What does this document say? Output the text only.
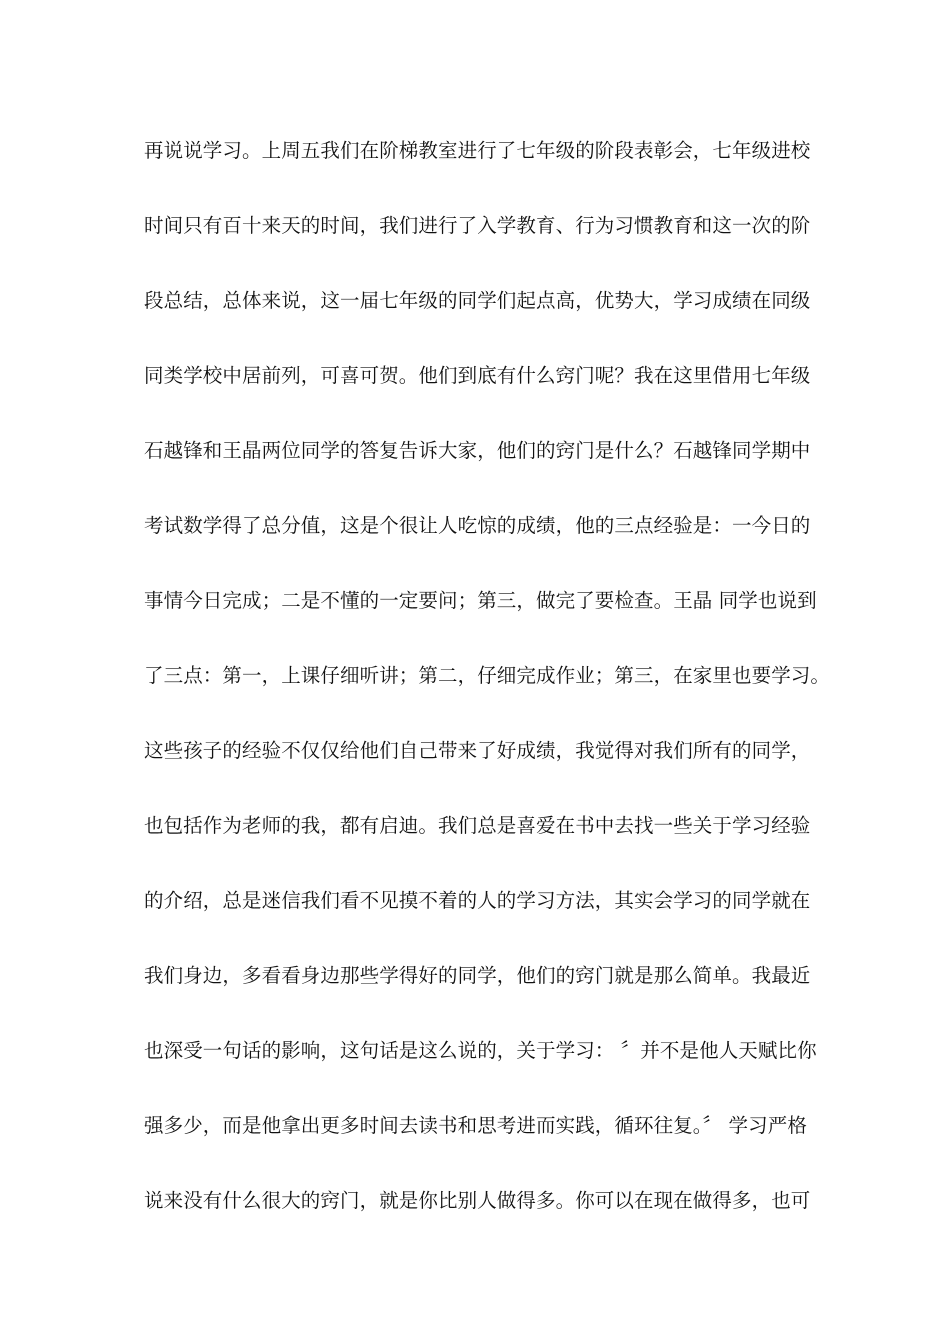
再说说学习。上周五我们在阶梯教室进行了七年级的阶段表彰会，七年级进校
时间只有百十来天的时间，我们进行了入学教育、行为习惯教育和这一次的阶
段总结，总体来说，这一届七年级的同学们起点高，优势大，学习成绩在同级
同类学校中居前列，可喜可贺。他们到底有什么窍门呢？我在这里借用七年级
石越锋和王晶两位同学的答复告诉大家，他们的窍门是什么？石越锋同学期中
考试数学得了总分值，这是个很让人吃惊的成绩，他的三点经验是：一今日的
事情今日完成；二是不懂的一定要问；第三，做完了要检查。王晶 同学也说到
了三点：第一，上课仔细听讲；第二，仔细完成作业；第三，在家里也要学习。
这些孩子的经验不仅仅给他们自己带来了好成绩，我觉得对我们所有的同学，
也包括作为老师的我，都有启迪。我们总是喜爱在书中去找一些关于学习经验
的介绍，总是迷信我们看不见摸不着的人的学习方法，其实会学习的同学就在
我们身边，多看看身边那些学得好的同学，他们的窍门就是那么简单。我最近
也深受一句话的影响，这句话是这么说的，关于学习： 〞并不是他人天赋比你
强多少，而是他拿出更多时间去读书和思考进而实践，循环往复。〞 学习严格
说来没有什么很大的窍门，就是你比别人做得多。你可以在现在做得多，也可
